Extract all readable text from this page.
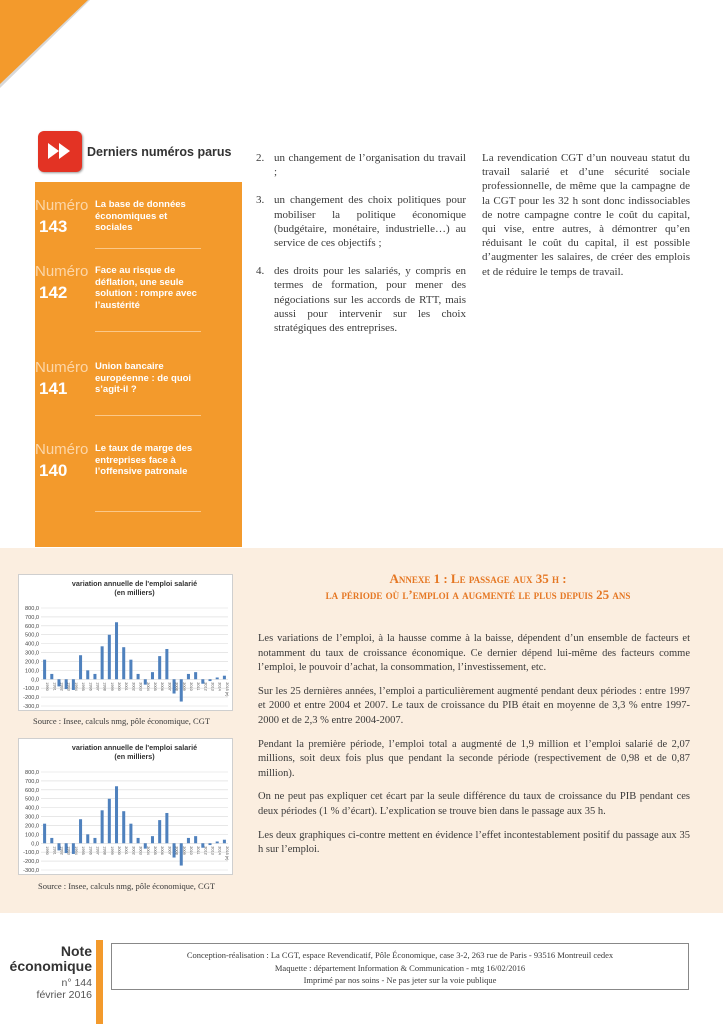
> 8
Derniers numéros parus
Numéro
143
La base de données économiques et sociales
Numéro
142
Face au risque de déflation, une seule solution : rompre avec l’austérité
Numéro
141
Union bancaire européenne : de quoi s’agit-il ?
Numéro
140
Le taux de marge des entreprises face à l’offensive patronale
2. un changement de l’organisation du travail ;
3. un changement des choix politiques pour mobiliser la politique économique (budgétaire, monétaire, industrielle…) au service de ces objectifs ;
4. des droits pour les salariés, y compris en termes de formation, pour mener des négociations sur les accords de RTT, mais aussi pour intervenir sur les choix stratégiques des entreprises.
La revendication CGT d’un nouveau statut du travail salarié et d’une sécurité sociale professionnelle, de même que la campagne de la CGT pour les 32 h sont donc indissociables de notre campagne contre le coût du capital, qui vise, entre autres, à démontrer qu’en réduisant le coût du capital, il est possible d’augmenter les salaires, de créer des emplois et de réduire le temps de travail.
variation annuelle de l'emploi salarié
(en milliers)
800,0
700,0
600,0
500,0
400,0
300,0
200,0
100,0
0,0
-100,0
-200,0
-300,0
1990 1991 1992 1993 1994 1995 1996 1997 1998 1999 2000 2001 2002 2003 2004 2005 2006 2007 2008 2009 2010 2011 2012 2013 2014 2015 (e)
Source : Insee, calculs nmg, pôle économique, CGT
variation annuelle de l'emploi salarié
(en milliers)
800,0
700,0
600,0
500,0
400,0
300,0
200,0
100,0
0,0
-100,0
-200,0
-300,0
1990 1991 1992 1993 1994 1995 1996 1997 1998 1999 2000 2001 2002 2003 2004 2005 2006 2007 2008 2009 2010 2011 2012 2013 2014 2015 (e)
Source : Insee, calculs nmg, pôle économique, CGT
Annexe 1 : Le passage aux 35 h :
la période où l’emploi a augmenté le plus depuis 25 ans

Les variations de l’emploi, à la hausse comme à la baisse, dépendent d’un ensemble de facteurs et notamment du taux de croissance économique. Ce dernier dépend lui-même des facteurs comme l’emploi, le pouvoir d’achat, la consommation, l’investissement, etc.

Sur les 25 dernières années, l’emploi a particulièrement augmenté pendant deux périodes : entre 1997 et 2000 et entre 2004 et 2007. Le taux de croissance du PIB était en moyenne de 3,3 % entre 1997-2000 et de 2,3 % entre 2004-2007.

Pendant la première période, l’emploi total a augmenté de 1,9 million et l’emploi salarié de 2,07 millions, soit deux fois plus que pendant la seconde période (respectivement de 0,98 et de 0,87 million).

On ne peut pas expliquer cet écart par la seule différence du taux de croissance du PIB pendant ces deux périodes (1 % d’écart). L’explication se trouve bien dans le passage aux 35 h.

Les deux graphiques ci-contre mettent en évidence l’effet incontestablement positif du passage aux 35 h sur l’emploi.

Note
économique
n° 144
février 2016
Conception-réalisation : La CGT, espace Revendicatif, Pôle Économique, case 3-2, 263 rue de Paris - 93516 Montreuil cedex
Maquette : département Information & Communication - mtg 16/02/2016
Imprimé par nos soins - Ne pas jeter sur la voie publique
